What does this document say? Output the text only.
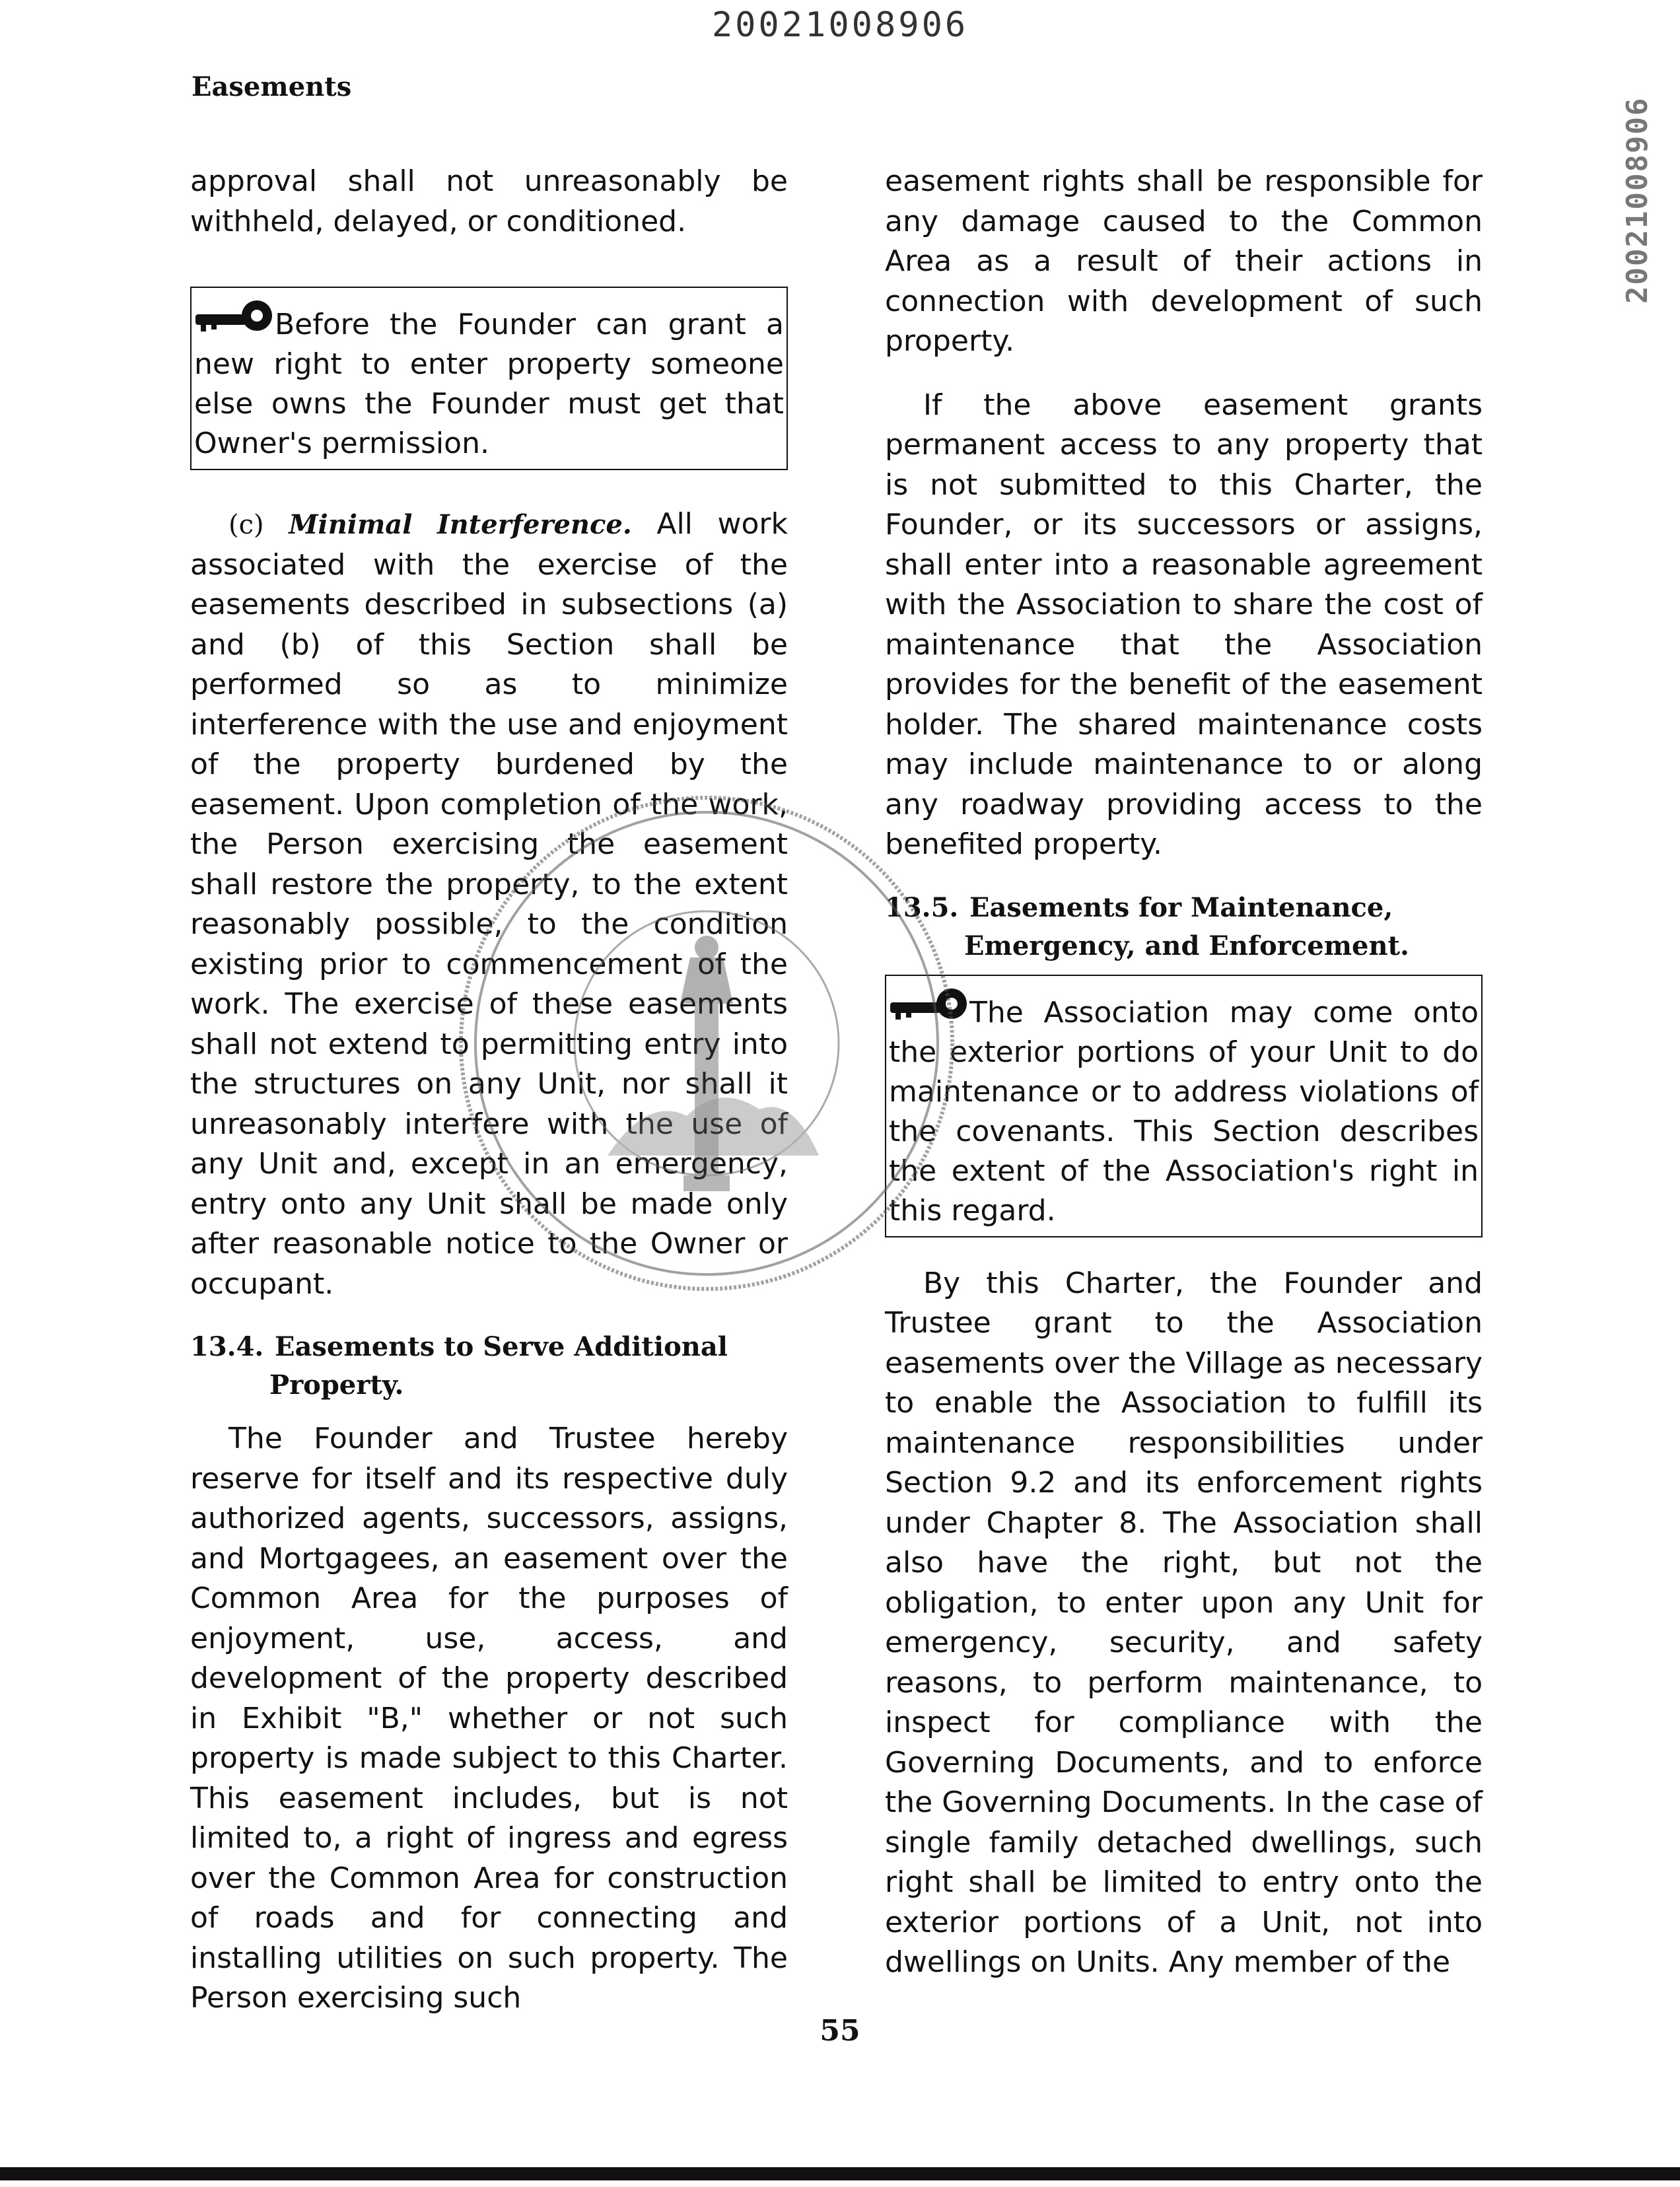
20021008906
20021008906
Easements

approval shall not unreasonably be withheld, delayed, or conditioned.

Before the Founder can grant a new right to enter property someone else owns the Founder must get that Owner's permission.

(c) Minimal Interference. All work associated with the exercise of the easements described in subsections (a) and (b) of this Section shall be performed so as to minimize interference with the use and enjoyment of the property burdened by the easement. Upon completion of the work, the Person exercising the easement shall restore the property, to the extent reasonably possible, to the condition existing prior to commencement of the work. The exercise of these easements shall not extend to permitting entry into the structures on any Unit, nor shall it unreasonably interfere with the use of any Unit and, except in an emergency, entry onto any Unit shall be made only after reasonable notice to the Owner or occupant.

13.4. Easements to Serve Additional
Property.

The Founder and Trustee hereby reserve for itself and its respective duly authorized agents, successors, assigns, and Mortgagees, an easement over the Common Area for the purposes of enjoyment, use, access, and development of the property described in Exhibit "B," whether or not such property is made subject to this Charter. This easement includes, but is not limited to, a right of ingress and egress over the Common Area for construction of roads and for connecting and installing utilities on such property. The Person exercising such

easement rights shall be responsible for any damage caused to the Common Area as a result of their actions in connection with development of such property.

If the above easement grants permanent access to any property that is not submitted to this Charter, the Founder, or its successors or assigns, shall enter into a reasonable agreement with the Association to share the cost of maintenance that the Association provides for the benefit of the easement holder. The shared maintenance costs may include maintenance to or along any roadway providing access to the benefited property.

13.5. Easements for Maintenance,
Emergency, and Enforcement.
The Association may come onto the exterior portions of your Unit to do maintenance or to address violations of the covenants. This Section describes the extent of the Association's right in this regard.

By this Charter, the Founder and Trustee grant to the Association easements over the Village as necessary to enable the Association to fulfill its maintenance responsibilities under Section 9.2 and its enforcement rights under Chapter 8. The Association shall also have the right, but not the obligation, to enter upon any Unit for emergency, security, and safety reasons, to perform maintenance, to inspect for compliance with the Governing Documents, and to enforce the Governing Documents. In the case of single family detached dwellings, such right shall be limited to entry onto the exterior portions of a Unit, not into dwellings on Units. Any member of the

55
